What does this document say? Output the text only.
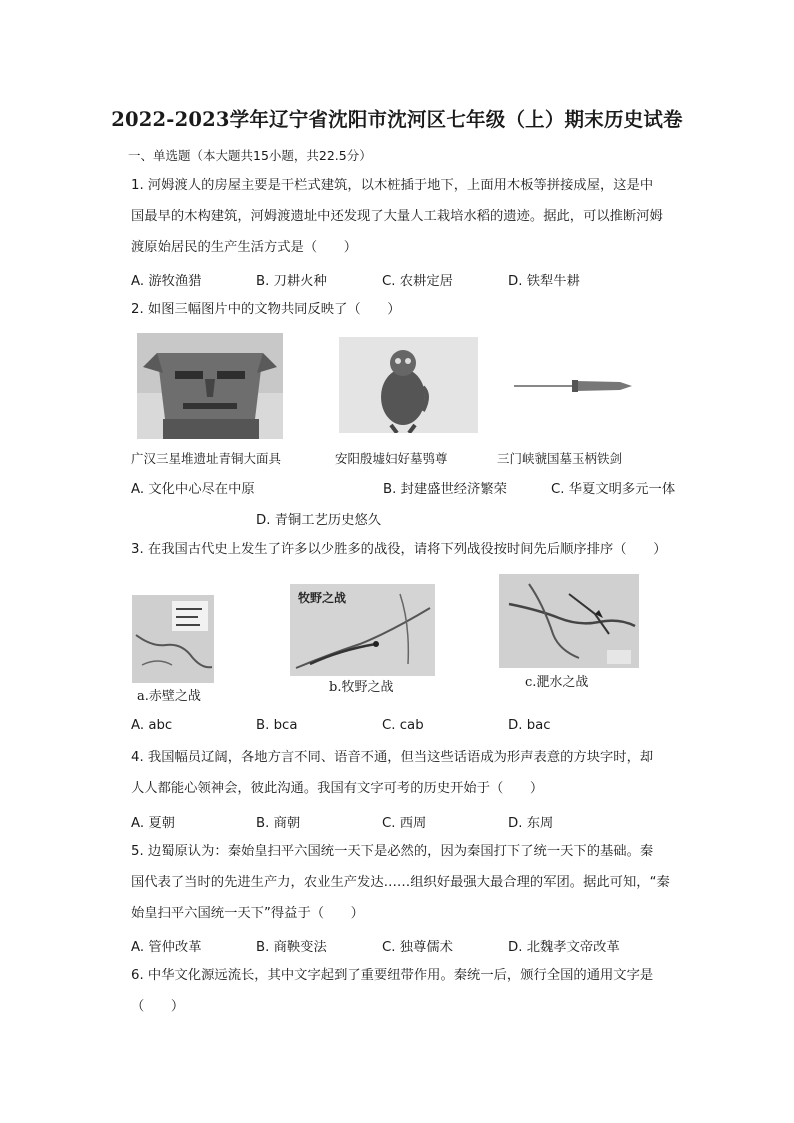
2022-2023学年辽宁省沈阳市沈河区七年级（上）期末历史试卷
一、单选题（本大题共15小题，共22.5分）
1. 河姆渡人的房屋主要是干栏式建筑，以木桩插于地下，上面用木板等拼接成屋，这是中
国最早的木构建筑，河姆渡遗址中还发现了大量人工栽培水稻的遗迹。据此，可以推断河姆
渡原始居民的生产生活方式是（　　）
A. 游牧渔猎	B. 刀耕火种	C. 农耕定居	D. 铁犁牛耕
2. 如图三幅图片中的文物共同反映了（　　）
广汉三星堆遗址青铜大面具	安阳殷墟妇好墓鸮尊	三门峡虢国墓玉柄铁剑
A. 文化中心尽在中原	B. 封建盛世经济繁荣	C. 华夏文明多元一体
D. 青铜工艺历史悠久
3. 在我国古代史上发生了许多以少胜多的战役，请将下列战役按时间先后顺序排序（　　）
牧野之战
a.赤壁之战
b.牧野之战	c.淝水之战
A. abc	B. bca	C. cab	D. bac
4. 我国幅员辽阔，各地方言不同、语音不通，但当这些话语成为形声表意的方块字时，却
人人都能心领神会，彼此沟通。我国有文字可考的历史开始于（　　）
A. 夏朝	B. 商朝	C. 西周	D. 东周
5. 边蜀原认为：秦始皇扫平六国统一天下是必然的，因为秦国打下了统一天下的基础。秦
国代表了当时的先进生产力，农业生产发达……组织好最强大最合理的军团。据此可知，“秦
始皇扫平六国统一天下”得益于（　　）
A. 管仲改革	B. 商鞅变法	C. 独尊儒术	D. 北魏孝文帝改革
6. 中华文化源远流长，其中文字起到了重要纽带作用。秦统一后，颁行全国的通用文字是
（　　）
